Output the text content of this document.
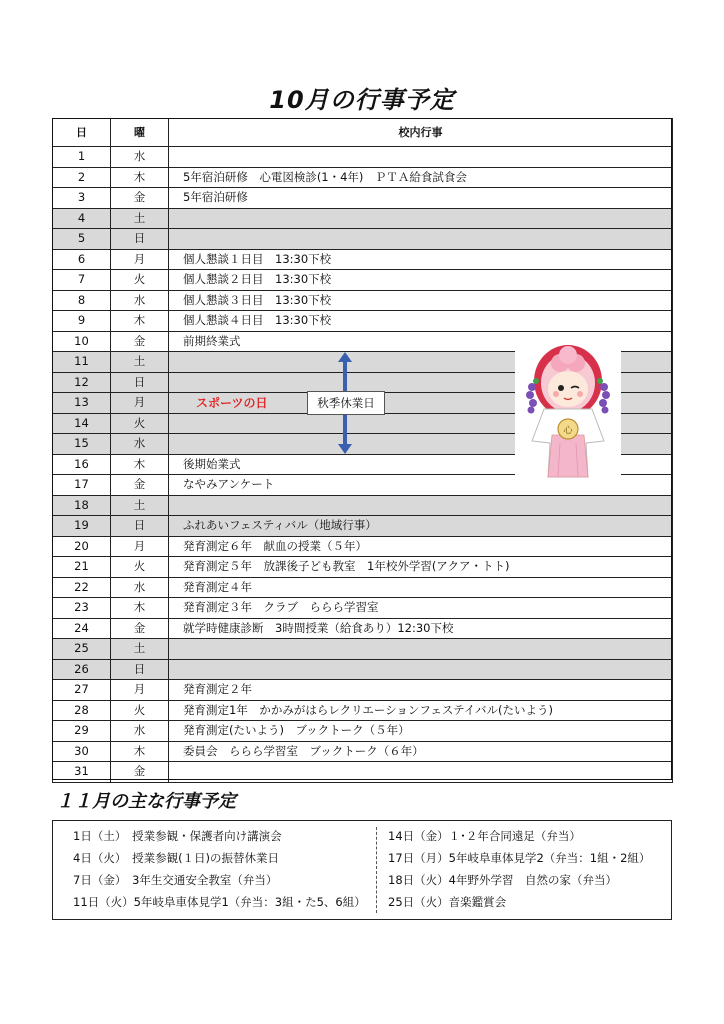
10月の行事予定
日	曜	校内行事
1	水	
2	木	5年宿泊研修　心電図検診(1・4年)　ＰＴＡ給食試食会
3	金	5年宿泊研修
4	土	
5	日	
6	月	個人懇談１日目　13:30下校
7	火	個人懇談２日目　13:30下校
8	水	個人懇談３日目　13:30下校
9	木	個人懇談４日目　13:30下校
10	金	前期終業式
11	土	
12	日	
13	月	
14	火	
15	水	
16	木	後期始業式
17	金	なやみアンケート
18	土	
19	日	ふれあいフェスティバル（地域行事）
20	月	発育測定６年　献血の授業（５年）
21	火	発育測定５年　放課後子ども教室　1年校外学習(アクア・トト)
22	水	発育測定４年
23	木	発育測定３年　クラブ　ららら学習室
24	金	就学時健康診断　3時間授業（給食あり）12:30下校
25	土	
26	日	
27	月	発育測定２年
28	火	発育測定1年　かかみがはらレクリエーションフェステイバル(たいよう)
29	水	発育測定(たいよう)　ブックトーク（５年）
30	木	委員会　ららら学習室　ブックトーク（６年）
31	金	
スポーツの日	秋季休業日
心
１１月の主な行事予定
1日（土）　授業参観・保護者向け講演会
4日（火）　授業参観(１日)の振替休業日
7日（金）　3年生交通安全教室（弁当）
11日（火）5年岐阜車体見学1（弁当：3組・た5、6組）
14日（金）１･２年合同遠足（弁当）
17日（月）5年岐阜車体見学2（弁当：1組・2組）
18日（火）4年野外学習　自然の家（弁当）
25日（火）音楽鑑賞会
